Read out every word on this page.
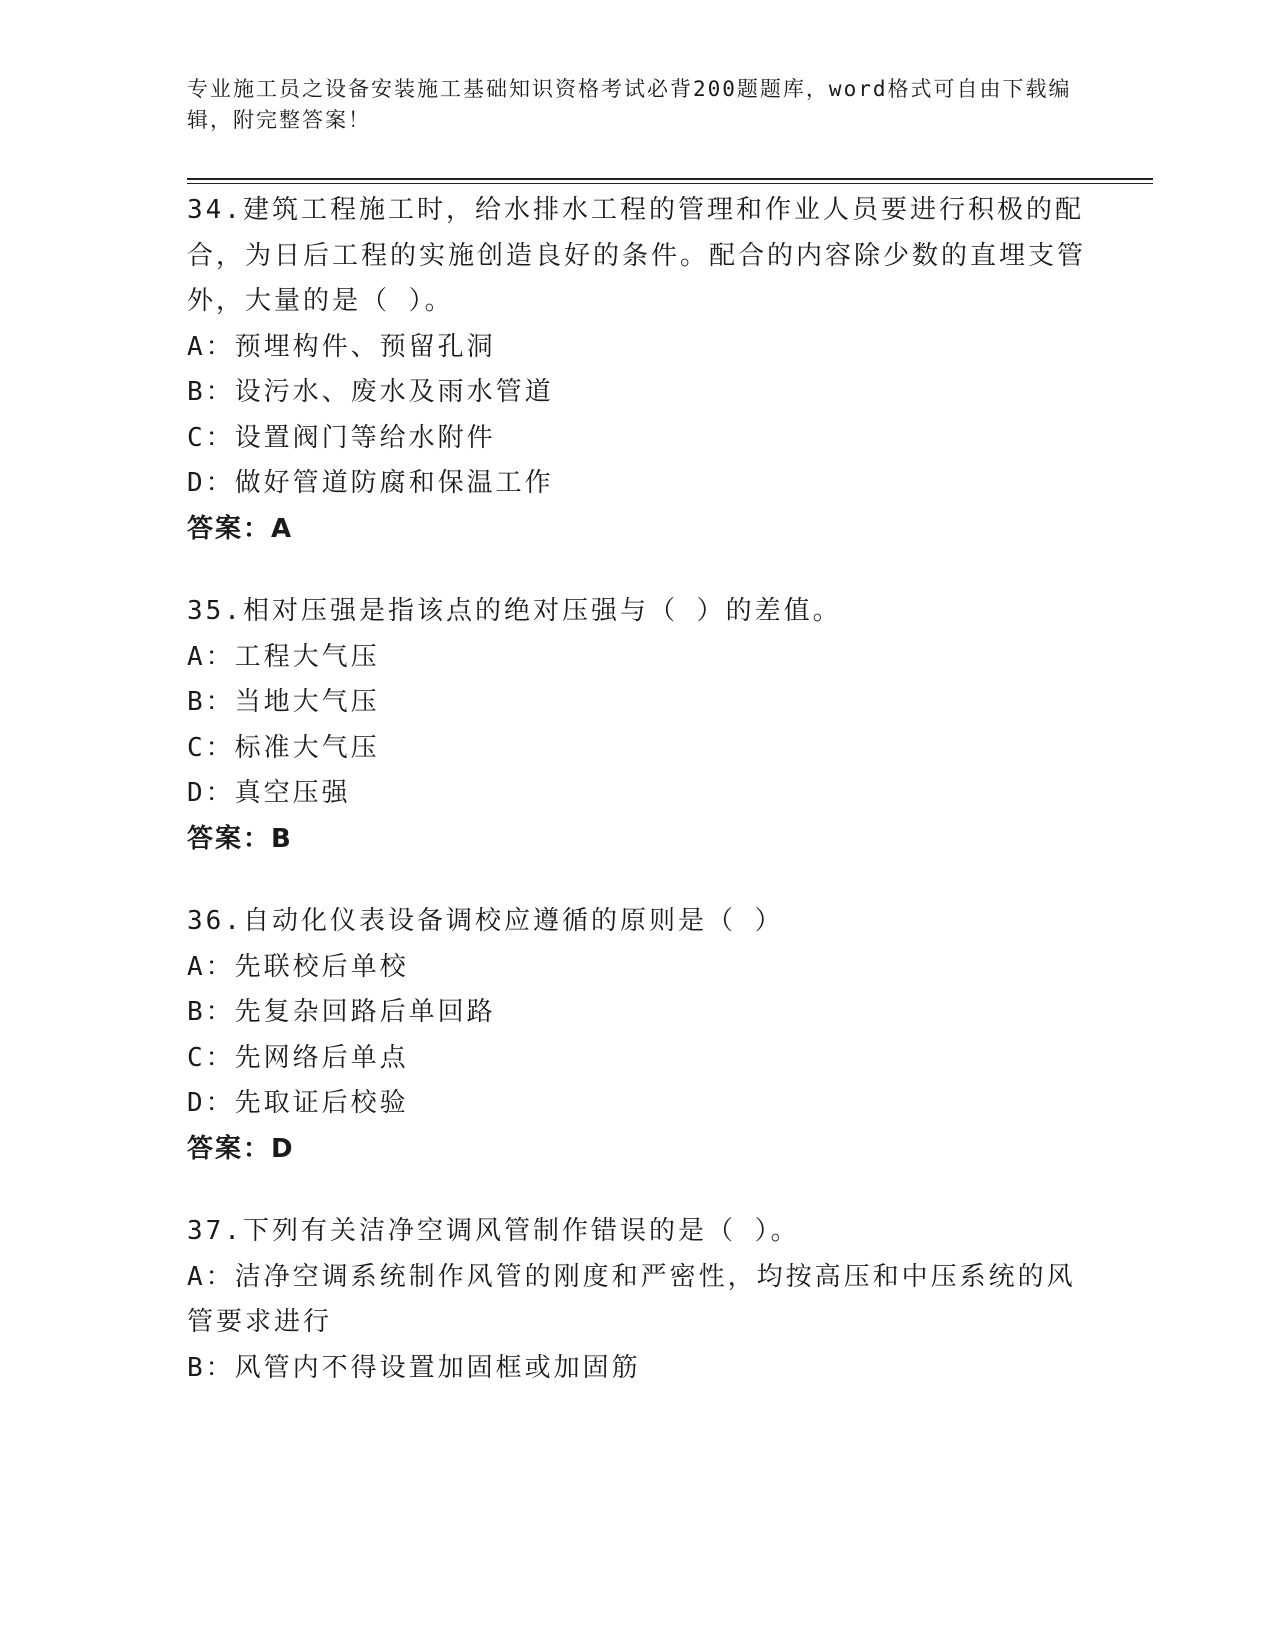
专业施工员之设备安装施工基础知识资格考试必背200题题库，word格式可自由下载编辑，附完整答案！

34.建筑工程施工时，给水排水工程的管理和作业人员要进行积极的配合，为日后工程的实施创造良好的条件。配合的内容除少数的直埋支管外，大量的是（ ）。

A：预埋构件、预留孔洞

B：设污水、废水及雨水管道

C：设置阀门等给水附件

D：做好管道防腐和保温工作

答案：A

35.相对压强是指该点的绝对压强与（ ）的差值。

A：工程大气压

B：当地大气压

C：标准大气压

D：真空压强

答案：B

36.自动化仪表设备调校应遵循的原则是（ ）

A：先联校后单校

B：先复杂回路后单回路

C：先网络后单点

D：先取证后校验

答案：D

37.下列有关洁净空调风管制作错误的是（ ）。

A：洁净空调系统制作风管的刚度和严密性，均按高压和中压系统的风管要求进行

B：风管内不得设置加固框或加固筋
